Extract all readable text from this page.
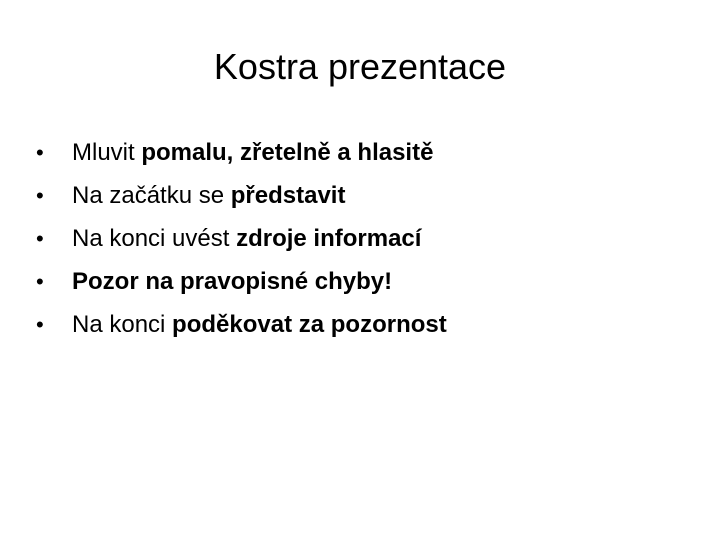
Kostra prezentace
•	Mluvit pomalu, zřetelně a hlasitě
•	Na začátku se představit
•	Na konci uvést zdroje informací
•	Pozor na pravopisné chyby!
•	Na konci poděkovat za pozornost
